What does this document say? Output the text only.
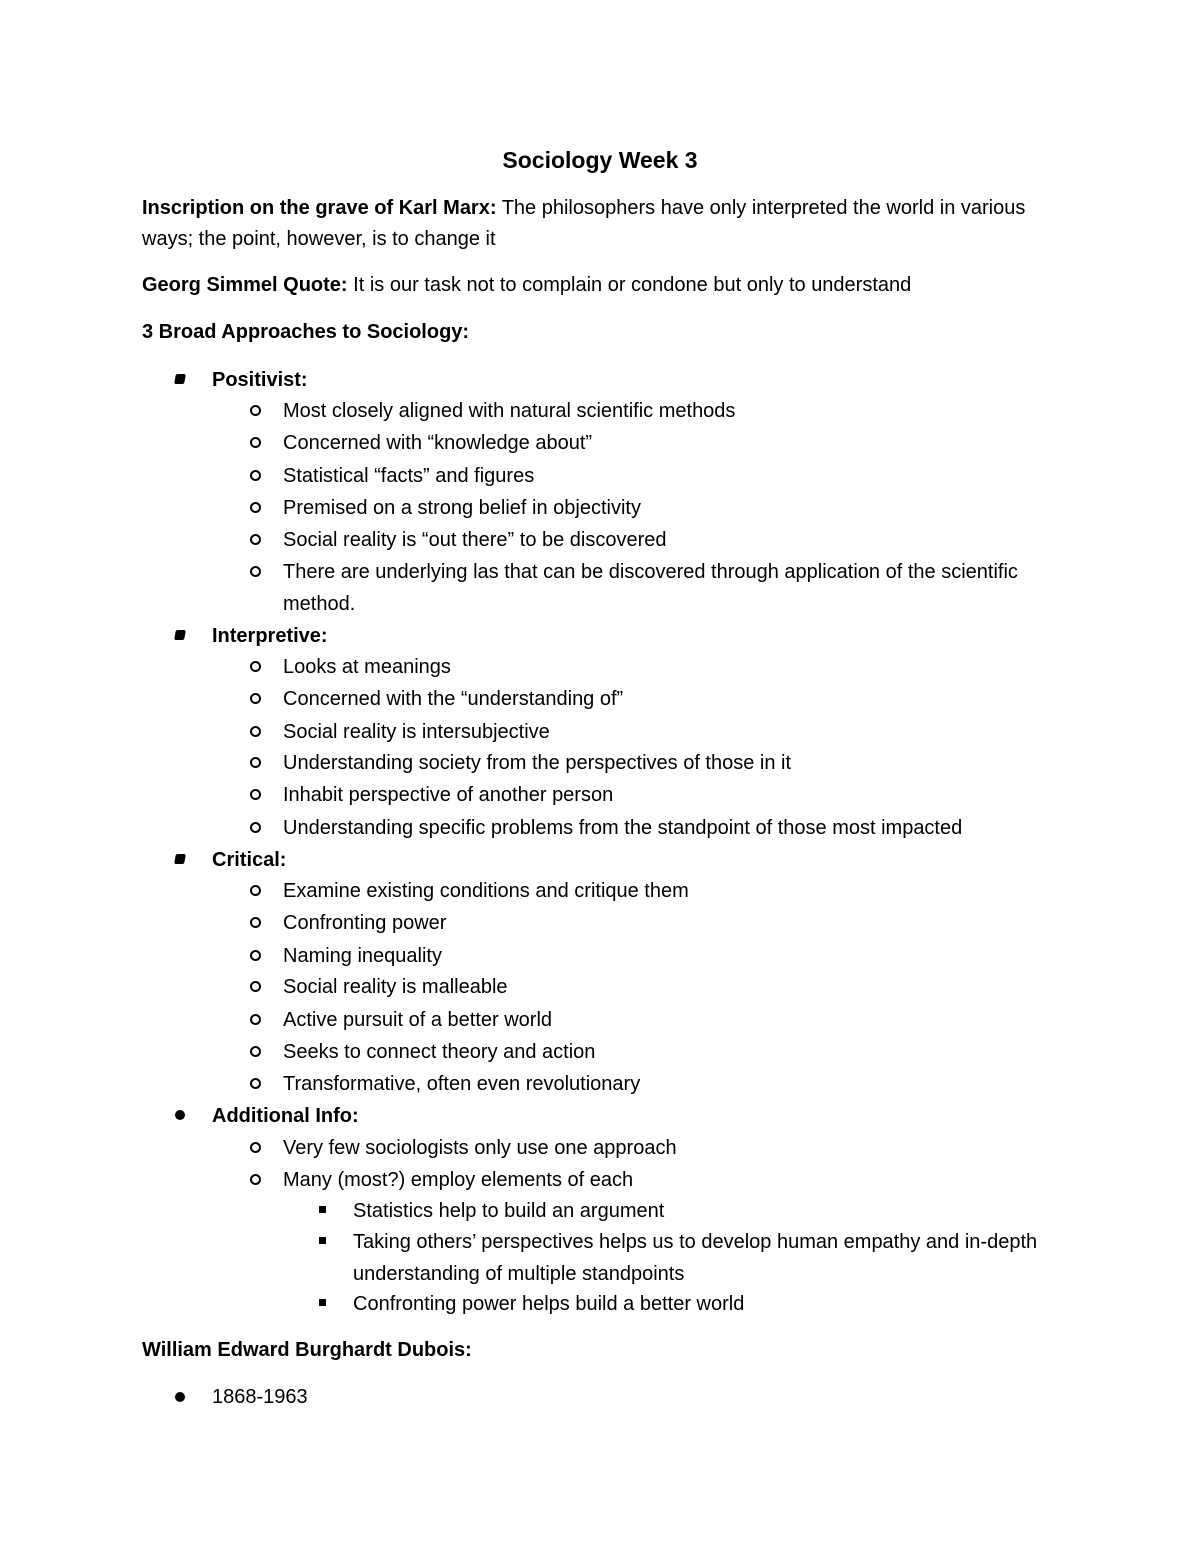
Sociology Week 3
Inscription on the grave of Karl Marx: The philosophers have only interpreted the world in various ways; the point, however, is to change it
Georg Simmel Quote: It is our task not to complain or condone but only to understand
3 Broad Approaches to Sociology:
Positivist:
Most closely aligned with natural scientific methods
Concerned with “knowledge about”
Statistical “facts” and figures
Premised on a strong belief in objectivity
Social reality is “out there” to be discovered
There are underlying las that can be discovered through application of the scientific method.
Interpretive:
Looks at meanings
Concerned with the “understanding of”
Social reality is intersubjective
Understanding society from the perspectives of those in it
Inhabit perspective of another person
Understanding specific problems from the standpoint of those most impacted
Critical:
Examine existing conditions and critique them
Confronting power
Naming inequality
Social reality is malleable
Active pursuit of a better world
Seeks to connect theory and action
Transformative, often even revolutionary
Additional Info:
Very few sociologists only use one approach
Many (most?) employ elements of each
Statistics help to build an argument
Taking others’ perspectives helps us to develop human empathy and in-depth understanding of multiple standpoints
Confronting power helps build a better world
William Edward Burghardt Dubois:
1868-1963
